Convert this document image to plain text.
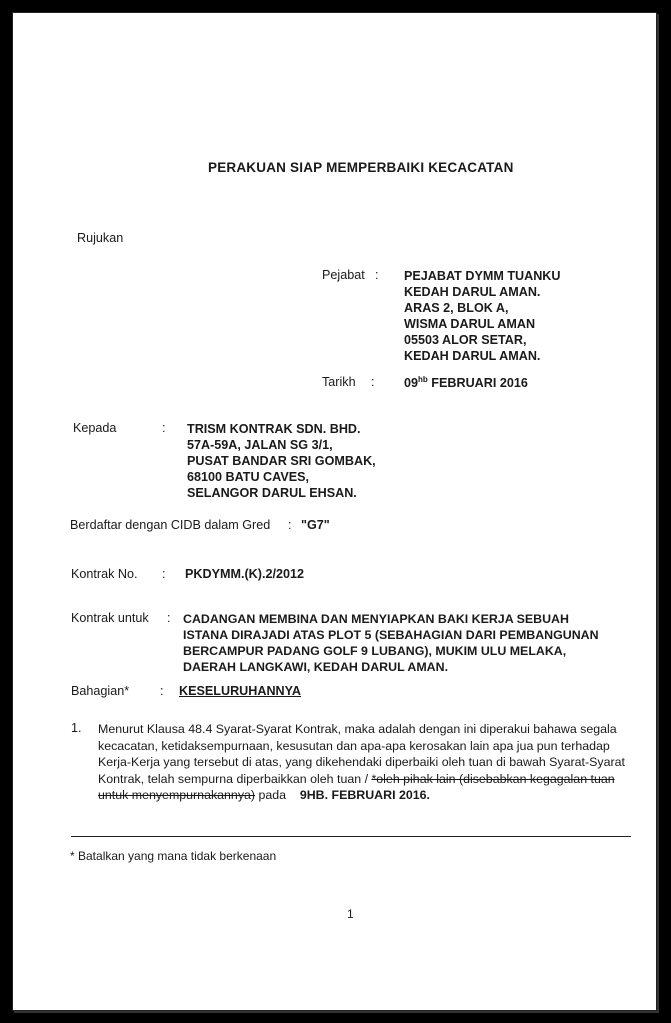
PERAKUAN SIAP MEMPERBAIKI KECACATAN
Rujukan
Pejabat : PEJABAT DYMM TUANKU
KEDAH DARUL AMAN.
ARAS 2, BLOK A,
WISMA DARUL AMAN
05503 ALOR SETAR,
KEDAH DARUL AMAN.
Tarikh : $09^{hb}$ FEBRUARI 2016
Kepada	: TRISM KONTRAK SDN. BHD.
57A-59A, JALAN SG 3/1,
PUSAT BANDAR SRI GOMBAK,
68100 BATU CAVES,
SELANGOR DARUL EHSAN.
Berdaftar dengan CIDB dalam Gred : "G7"
Kontrak No. : PKDYMM.(K).2/2012
Kontrak untuk : CADANGAN MEMBINA DAN MENYIAPKAN BAKI KERJA SEBUAH
ISTANA DIRAJADI ATAS PLOT 5 (SEBAHAGIAN DARI PEMBANGUNAN
BERCAMPUR PADANG GOLF 9 LUBANG), MUKIM ULU MELAKA,
DAERAH LANGKAWI, KEDAH DARUL AMAN.
Bahagian* : KESELURUHANNYA
1. Menurut Klausa 48.4 Syarat-Syarat Kontrak, maka adalah dengan ini diperakui bahawa segala kecacatan, ketidaksempurnaan, kesusutan dan apa-apa kerosakan lain apa jua pun terhadap Kerja-Kerja yang tersebut di atas, yang dikehendaki diperbaiki oleh tuan di bawah Syarat-Syarat Kontrak, telah sempurna diperbaikkan oleh tuan / *oleh pihak lain (disebabkan kegagalan tuan untuk menyempurnakannya) pada    9HB. FEBRUARI 2016.
* Batalkan yang mana tidak berkenaan
1
